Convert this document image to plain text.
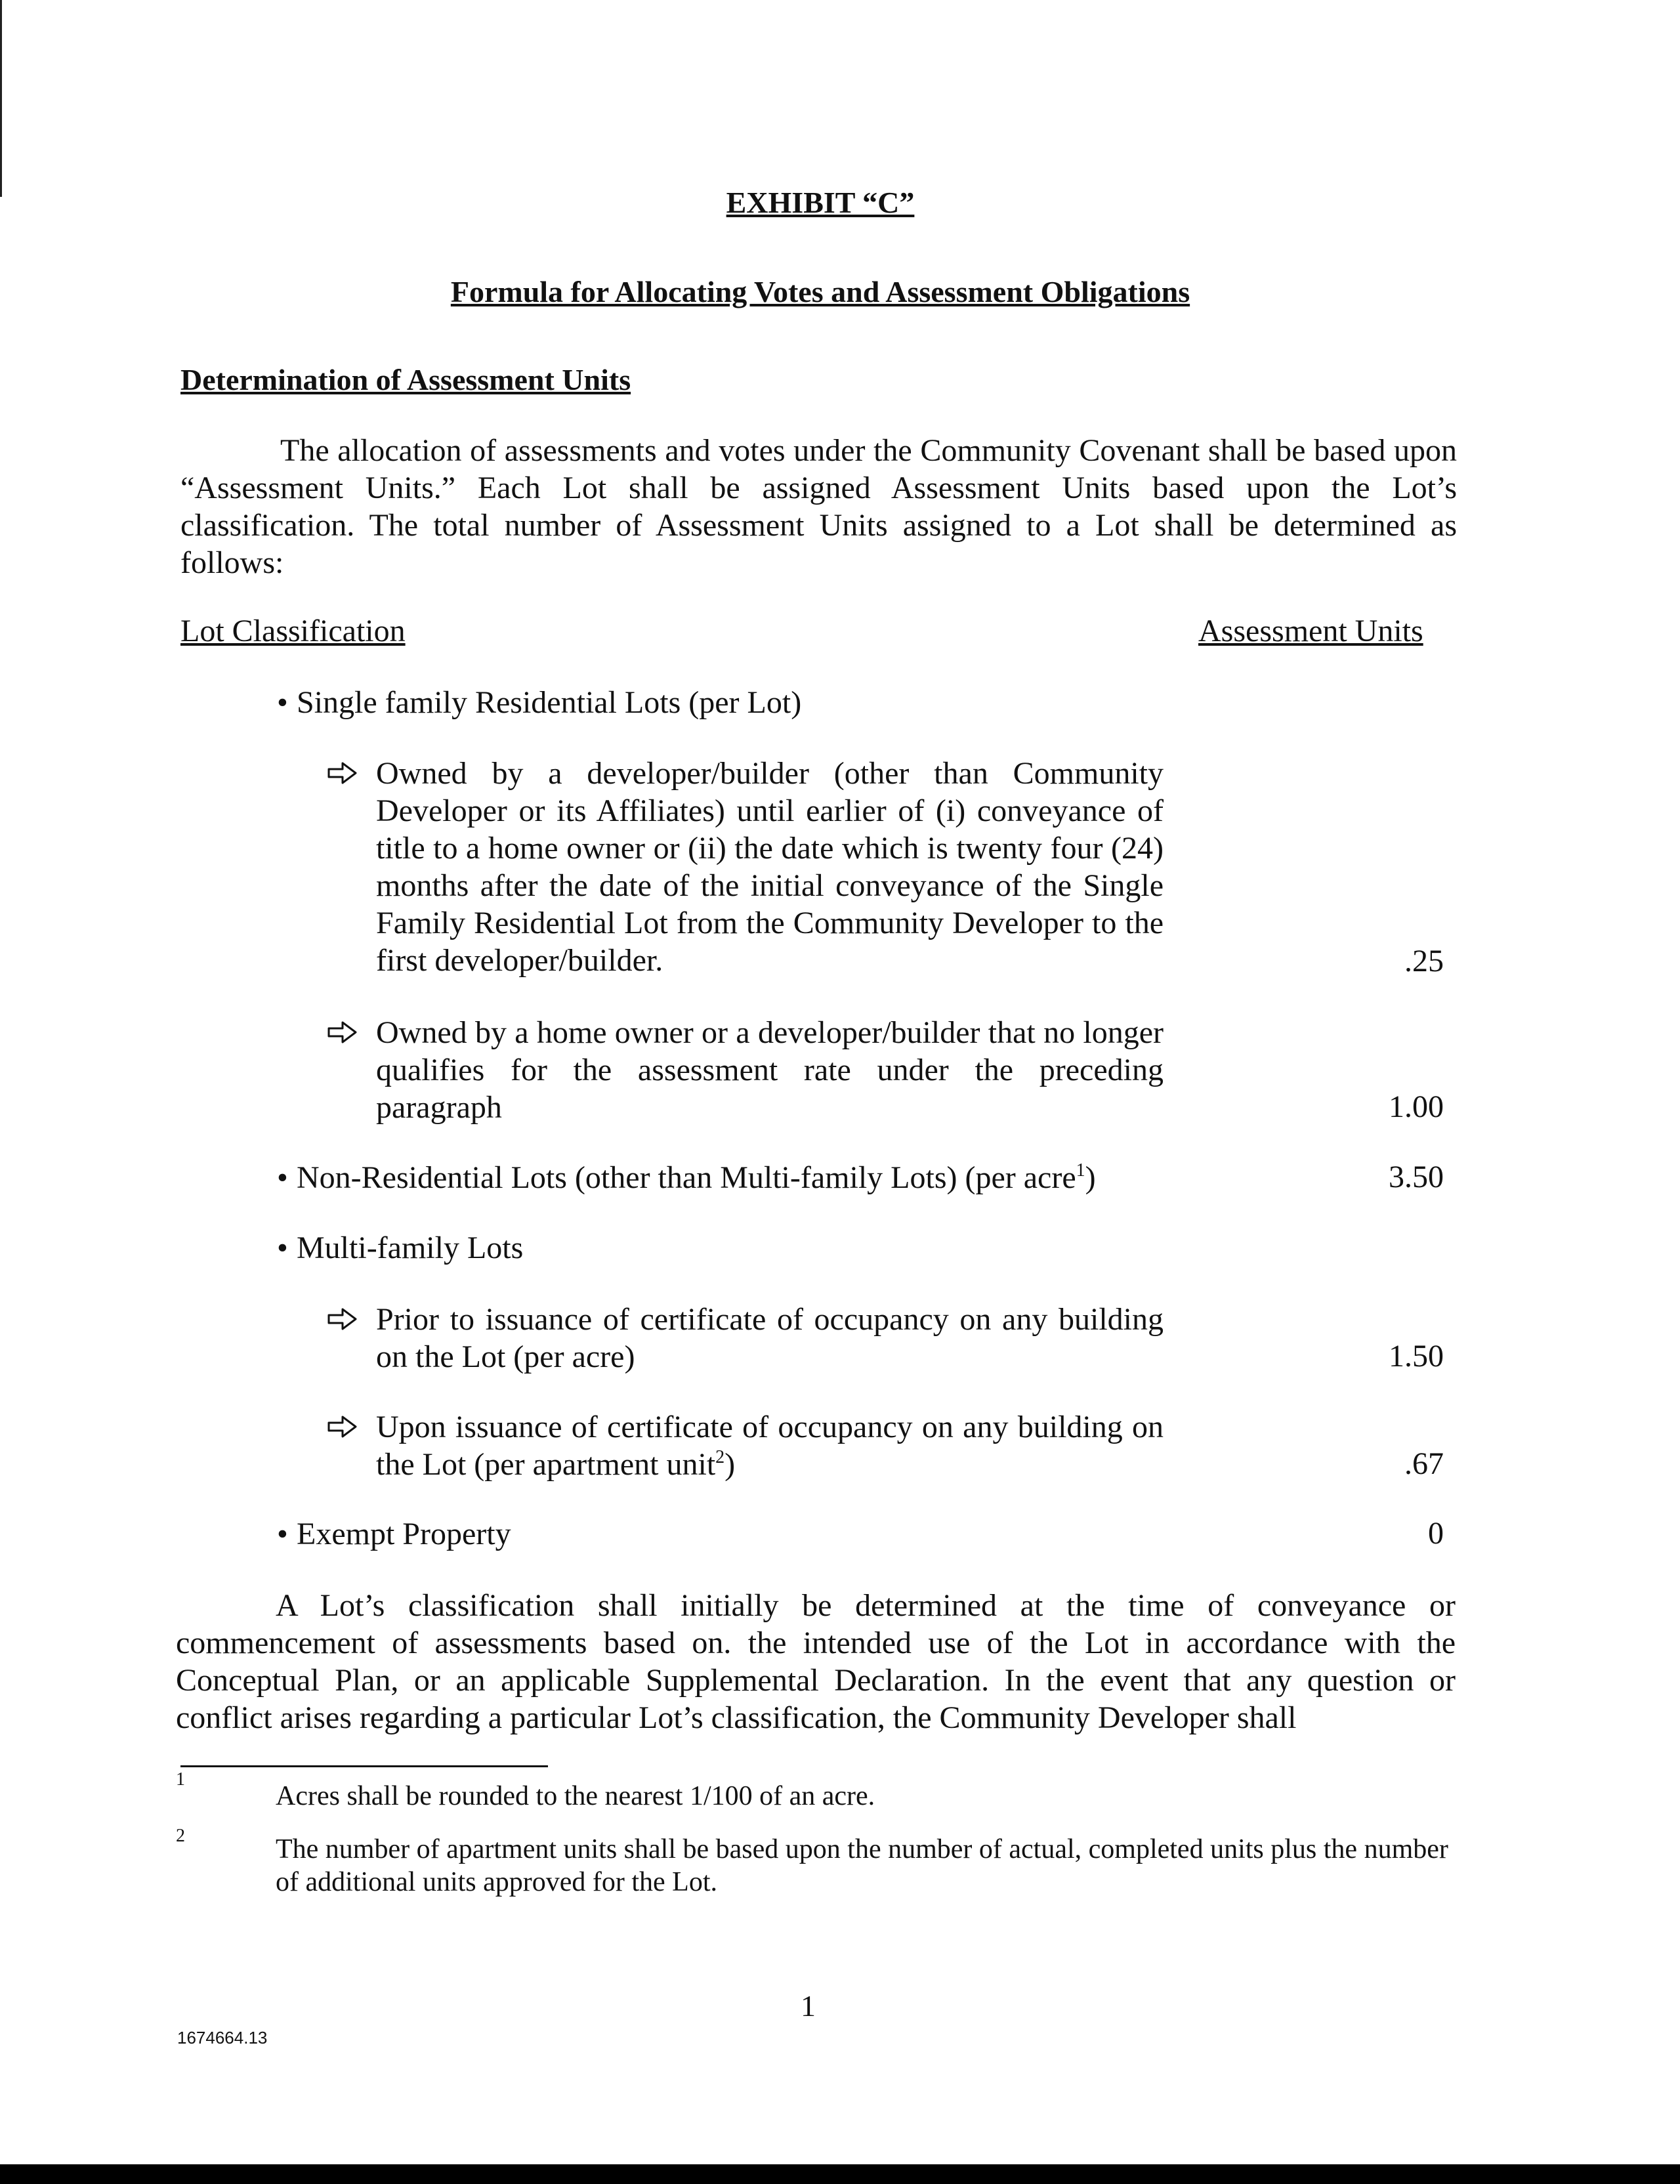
EXHIBIT “C”
Formula for Allocating Votes and Assessment Obligations
Determination of Assessment Units

The allocation of assessments and votes under the Community Covenant shall be based upon “Assessment Units.” Each Lot shall be assigned Assessment Units based upon the Lot’s classification. The total number of Assessment Units assigned to a Lot shall be determined as follows:

Lot Classification	Assessment Units
• Single family Residential Lots (per Lot)

Owned by a developer/builder (other than Community Developer or its Affiliates) until earlier of (i) conveyance of title to a home owner or (ii) the date which is twenty four (24) months after the date of the initial conveyance of the Single Family Residential Lot from the Community Developer to the first developer/builder.	.25

Owned by a home owner or a developer/builder that no longer qualifies for the assessment rate under the preceding paragraph	1.00
• Non-Residential Lots (other than Multi-family Lots) (per acre$^1$)	3.50
• Multi-family Lots

Prior to issuance of certificate of occupancy on any building on the Lot (per acre)	1.50

Upon issuance of certificate of occupancy on any building on the Lot (per apartment unit$^2$)	.67
• Exempt Property	0

A Lot’s classification shall initially be determined at the time of conveyance or commencement of assessments based on. the intended use of the Lot in accordance with the Conceptual Plan, or an applicable Supplemental Declaration. In the event that any question or conflict arises regarding a particular Lot’s classification, the Community Developer shall

1

Acres shall be rounded to the nearest 1/100 of an acre.

2	The number of apartment units shall be based upon the number of actual, completed units plus the number of additional units approved for the Lot.

1
1674664.13
